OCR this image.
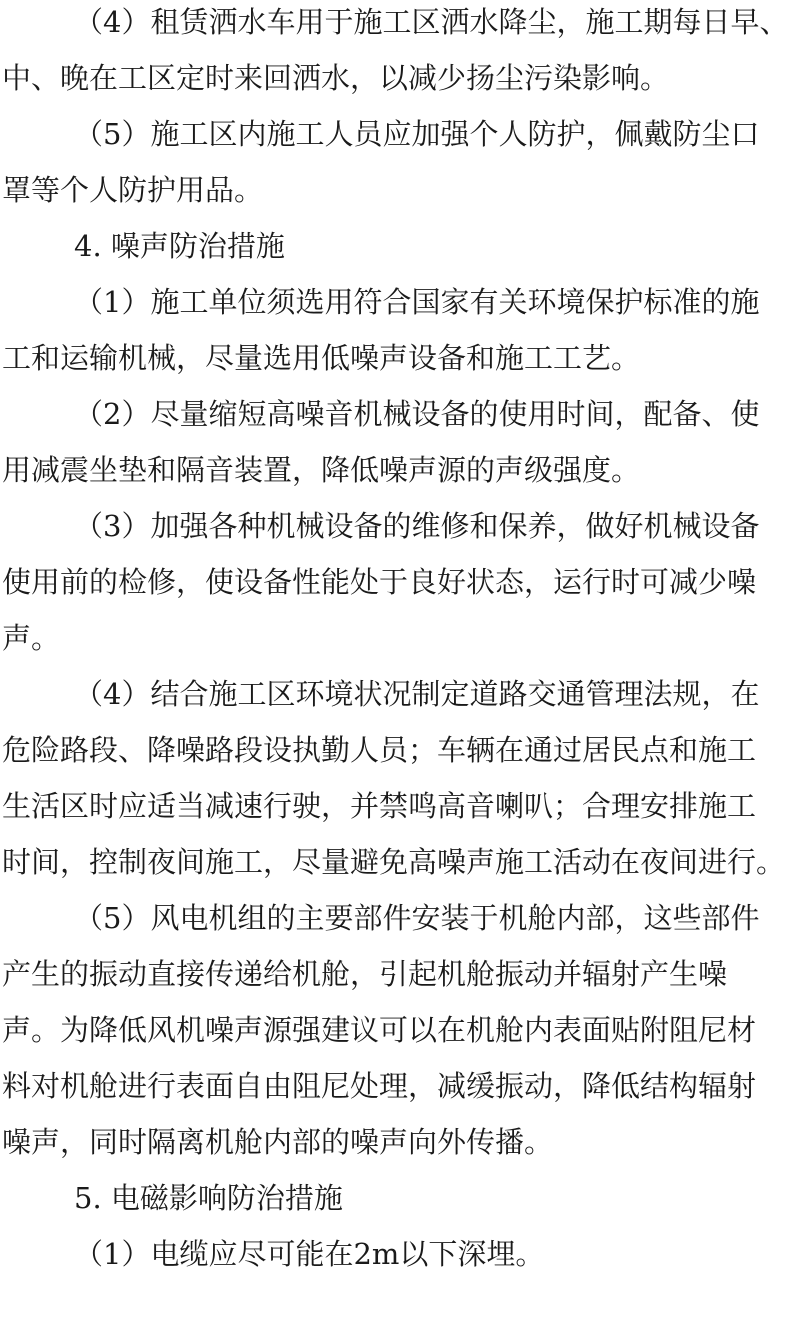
（4）租赁洒水车用于施工区洒水降尘，施工期每日早、
中、晚在工区定时来回洒水，以减少扬尘污染影响。
（5）施工区内施工人员应加强个人防护，佩戴防尘口
罩等个人防护用品。
4. 噪声防治措施
（1）施工单位须选用符合国家有关环境保护标准的施
工和运输机械，尽量选用低噪声设备和施工工艺。
（2）尽量缩短高噪音机械设备的使用时间，配备、使
用减震坐垫和隔音装置，降低噪声源的声级强度。
（3）加强各种机械设备的维修和保养，做好机械设备
使用前的检修，使设备性能处于良好状态，运行时可减少噪
声。
（4）结合施工区环境状况制定道路交通管理法规，在
危险路段、降噪路段设执勤人员；车辆在通过居民点和施工
生活区时应适当减速行驶，并禁鸣高音喇叭；合理安排施工
时间，控制夜间施工，尽量避免高噪声施工活动在夜间进行。
（5）风电机组的主要部件安装于机舱内部，这些部件
产生的振动直接传递给机舱，引起机舱振动并辐射产生噪
声。为降低风机噪声源强建议可以在机舱内表面贴附阻尼材
料对机舱进行表面自由阻尼处理，减缓振动，降低结构辐射
噪声，同时隔离机舱内部的噪声向外传播。
5. 电磁影响防治措施
（1）电缆应尽可能在2m以下深埋。
